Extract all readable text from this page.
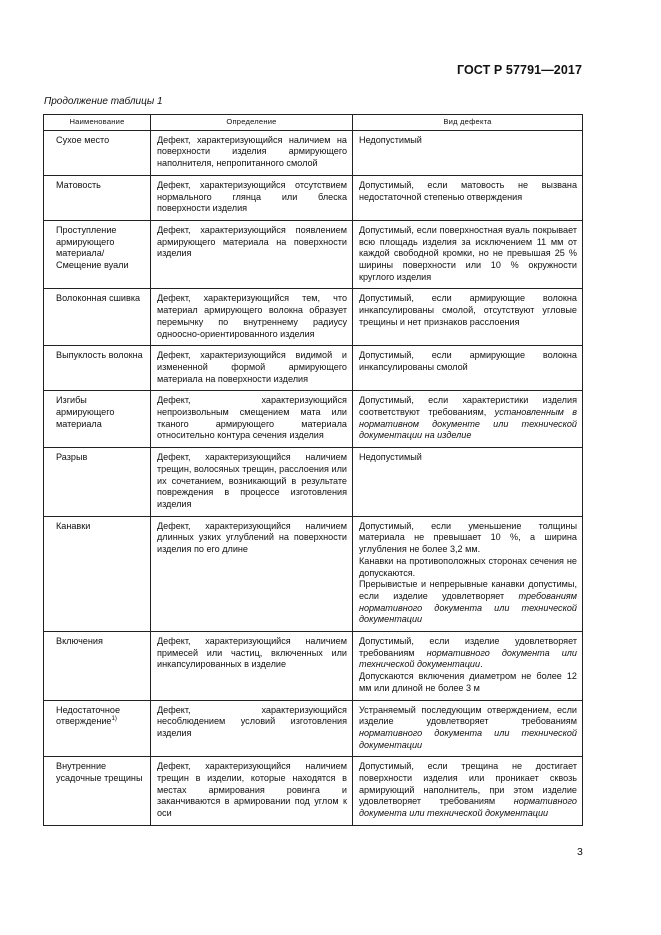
ГОСТ Р 57791—2017
Продолжение таблицы 1
Наименование	Определение	Вид дефекта
Сухое место	Дефект, характеризующийся наличием на поверхности изделия армирующего наполнителя, непропитанного смолой	Недопустимый
Матовость	Дефект, характеризующийся отсутствием нормального глянца или блеска поверхности изделия	Допустимый, если матовость не вызвана недостаточной степенью отверждения
Проступление армирующего материала/ Смещение вуали	Дефект, характеризующийся появлением армирующего материала на поверхности изделия	Допустимый, если поверхностная вуаль покрывает всю площадь изделия за исключением 11 мм от каждой свободной кромки, но не превышая 25 % ширины поверхности или 10 % окружности круглого изделия
Волоконная сшивка	Дефект, характеризующийся тем, что материал армирующего волокна образует перемычку по внутреннему радиусу одноосно-ориентированного изделия	Допустимый, если армирующие волокна инкапсулированы смолой, отсутствуют угловые трещины и нет признаков расслоения
Выпуклость волокна	Дефект, характеризующийся видимой и измененной формой армирующего материала на поверхности изделия	Допустимый, если армирующие волокна инкапсулированы смолой
Изгибы армирующего материала	Дефект, характеризующийся непроизвольным смещением мата или тканого армирующего материала относительно контура сечения изделия	Допустимый, если характеристики изделия соответствуют требованиям, установленным в нормативном документе или технической документации на изделие
Разрыв	Дефект, характеризующийся наличием трещин, волосяных трещин, расслоения или их сочетанием, возникающий в результате повреждения в процессе изготовления изделия	Недопустимый
Канавки	Дефект, характеризующийся наличием длинных узких углублений на поверхности изделия по его длине	Допустимый, если уменьшение толщины материала не превышает 10 %, а ширина углубления не более 3,2 мм.
Канавки на противоположных сторонах сечения не допускаются.
Прерывистые и непрерывные канавки допустимы, если изделие удовлетворяет требованиям нормативного документа или технической документации
Включения	Дефект, характеризующийся наличием примесей или частиц, включенных или инкапсулированных в изделие	Допустимый, если изделие удовлетворяет требованиям нормативного документа или технической документации.
Допускаются включения диаметром не более 12 мм или длиной не более 3 м
Недостаточное отверждение$^{1)}$	Дефект, характеризующийся несоблюдением условий изготовления изделия	Устраняемый последующим отверждением, если изделие удовлетворяет требованиям нормативного документа или технической документации
Внутренние усадочные трещины	Дефект, характеризующийся наличием трещин в изделии, которые находятся в местах армирования ровинга и заканчиваются в армировании под углом к оси	Допустимый, если трещина не достигает поверхности изделия или проникает сквозь армирующий наполнитель, при этом изделие удовлетворяет требованиям нормативного документа или технической документации
3
